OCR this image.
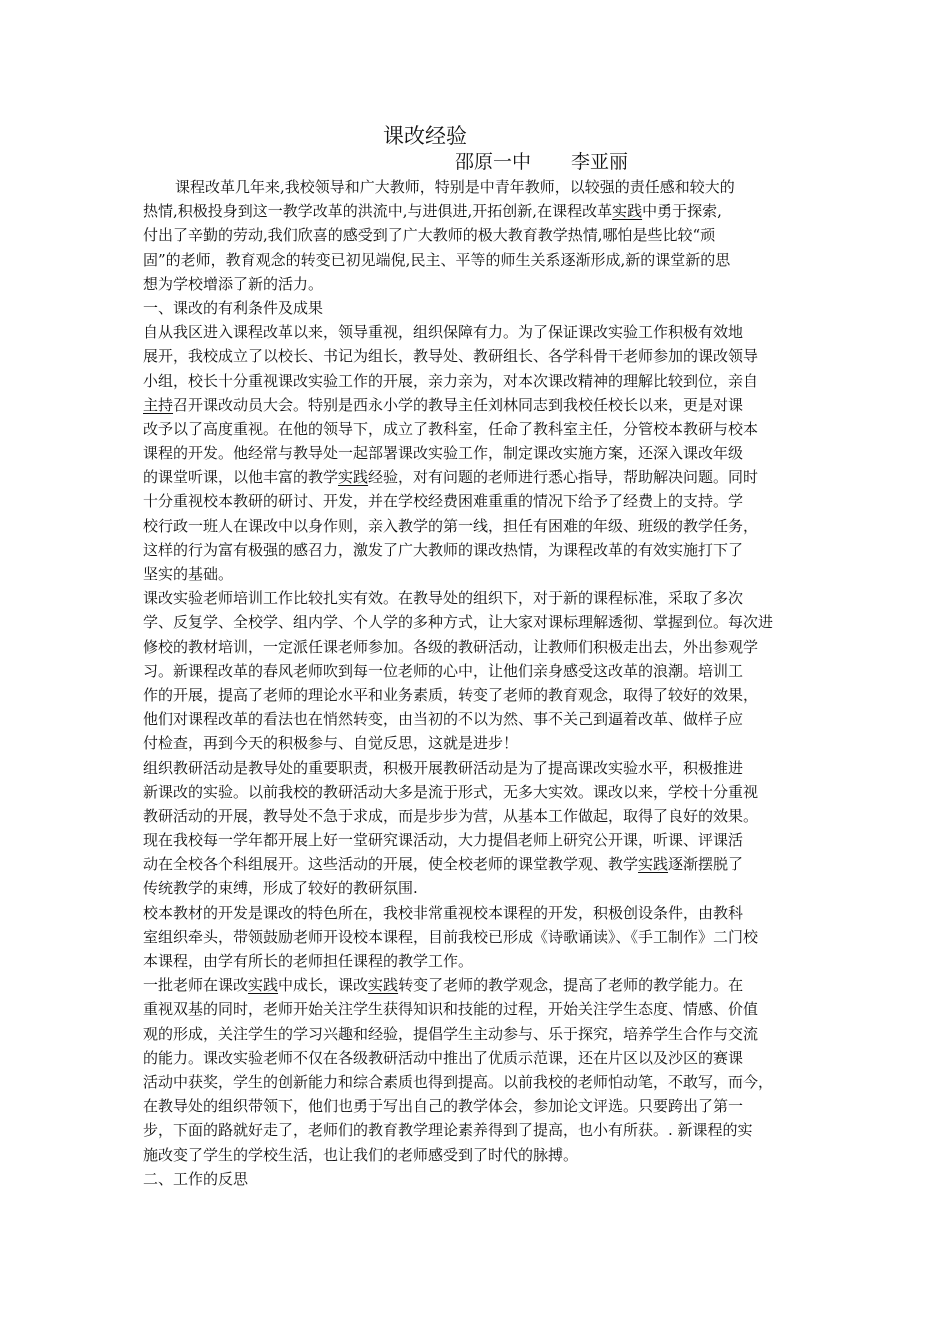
课改经验
邵原一中 李亚丽
课程改革几年来,我校领导和广大教师，特别是中青年教师，以较强的责任感和较大的
热情,积极投身到这一教学改革的洪流中,与进俱进,开拓创新,在课程改革实践中勇于探索,
付出了辛勤的劳动,我们欣喜的感受到了广大教师的极大教育教学热情,哪怕是些比较“顽
固”的老师，教育观念的转变已初见端倪,民主、平等的师生关系逐渐形成,新的课堂新的思
想为学校增添了新的活力。
一、课改的有利条件及成果
自从我区进入课程改革以来，领导重视，组织保障有力。为了保证课改实验工作积极有效地
展开，我校成立了以校长、书记为组长，教导处、教研组长、各学科骨干老师参加的课改领导
小组，校长十分重视课改实验工作的开展，亲力亲为，对本次课改精神的理解比较到位，亲自
主持召开课改动员大会。特别是西永小学的教导主任刘林同志到我校任校长以来，更是对课
改予以了高度重视。在他的领导下，成立了教科室，任命了教科室主任，分管校本教研与校本
课程的开发。他经常与教导处一起部署课改实验工作，制定课改实施方案，还深入课改年级
的课堂听课，以他丰富的教学实践经验，对有问题的老师进行悉心指导，帮助解决问题。同时
十分重视校本教研的研讨、开发，并在学校经费困难重重的情况下给予了经费上的支持。学
校行政一班人在课改中以身作则，亲入教学的第一线，担任有困难的年级、班级的教学任务，
这样的行为富有极强的感召力，激发了广大教师的课改热情，为课程改革的有效实施打下了
坚实的基础。
课改实验老师培训工作比较扎实有效。在教导处的组织下，对于新的课程标准，采取了多次
学、反复学、全校学、组内学、个人学的多种方式，让大家对课标理解透彻、掌握到位。每次进
修校的教材培训，一定派任课老师参加。各级的教研活动，让教师们积极走出去，外出参观学
习。新课程改革的春风老师吹到每一位老师的心中，让他们亲身感受这改革的浪潮。培训工
作的开展，提高了老师的理论水平和业务素质，转变了老师的教育观念，取得了较好的效果，
他们对课程改革的看法也在悄然转变，由当初的不以为然、事不关己到逼着改革、做样子应
付检查，再到今天的积极参与、自觉反思，这就是进步！
组织教研活动是教导处的重要职责，积极开展教研活动是为了提高课改实验水平，积极推进
新课改的实验。以前我校的教研活动大多是流于形式，无多大实效。课改以来，学校十分重视
教研活动的开展，教导处不急于求成，而是步步为营，从基本工作做起，取得了良好的效果。
现在我校每一学年都开展上好一堂研究课活动，大力提倡老师上研究公开课，听课、评课活
动在全校各个科组展开。这些活动的开展，使全校老师的课堂教学观、教学实践逐渐摆脱了
传统教学的束缚，形成了较好的教研氛围.
校本教材的开发是课改的特色所在，我校非常重视校本课程的开发，积极创设条件，由教科
室组织牵头，带领鼓励老师开设校本课程，目前我校已形成《诗歌诵读》、《手工制作》二门校
本课程，由学有所长的老师担任课程的教学工作。
一批老师在课改实践中成长，课改实践转变了老师的教学观念，提高了老师的教学能力。在
重视双基的同时，老师开始关注学生获得知识和技能的过程，开始关注学生态度、情感、价值
观的形成，关注学生的学习兴趣和经验，提倡学生主动参与、乐于探究，培养学生合作与交流
的能力。课改实验老师不仅在各级教研活动中推出了优质示范课，还在片区以及沙区的赛课
活动中获奖，学生的创新能力和综合素质也得到提高。以前我校的老师怕动笔，不敢写，而今，
在教导处的组织带领下，他们也勇于写出自己的教学体会，参加论文评选。只要跨出了第一
步，下面的路就好走了，老师们的教育教学理论素养得到了提高，也小有所获。. 新课程的实
施改变了学生的学校生活，也让我们的老师感受到了时代的脉搏。
二、工作的反思
